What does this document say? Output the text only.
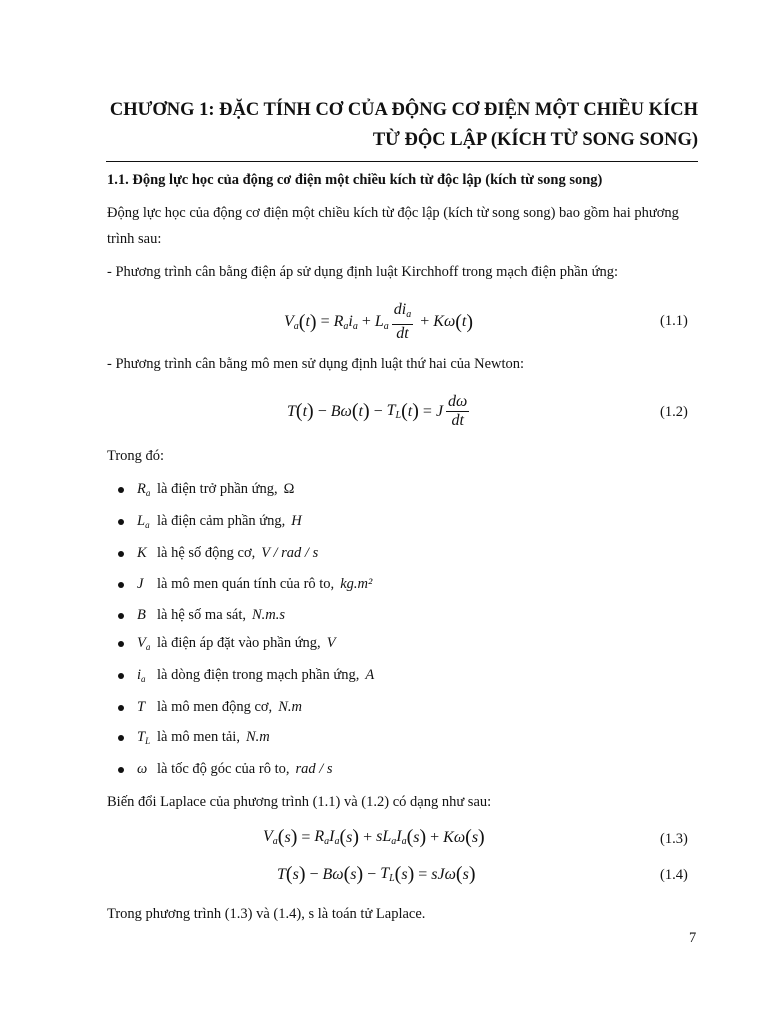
CHƯƠNG 1: ĐẶC TÍNH CƠ CỦA ĐỘNG CƠ ĐIỆN MỘT CHIỀU KÍCH
TỪ ĐỘC LẬP (KÍCH TỪ SONG SONG)
1.1. Động lực học của động cơ điện một chiều kích từ độc lập (kích từ song song)
Động lực học của động cơ điện một chiều kích từ độc lập (kích từ song song) bao gồm hai phương
trình sau:
- Phương trình cân bằng điện áp sử dụng định luật Kirchhoff trong mạch điện phần ứng:
$V_a$ ( t ) = $R_ai_a + L_a \frac{di_a}{dt} + K\omega$ ( t )	(1.1)
- Phương trình cân bằng mô men sử dụng định luật thứ hai của Newton:
T ( t ) − Bω ( t ) − $T_L$ ( t ) = J $\frac{d\omega}{dt}$	(1.2)
Trong đó:
$R_a$ là điện trở phần ứng, Ω
$L_a$ là điện cảm phần ứng, H
K là hệ số động cơ, V / rad / s
J là mô men quán tính của rô to, kg.m²
B là hệ số ma sát, N.m.s
$V_a$ là điện áp đặt vào phần ứng, V
$i_a$ là dòng điện trong mạch phần ứng, A
T là mô men động cơ, N.m
$T_L$ là mô men tải, N.m
ω là tốc độ góc của rô to, rad / s
Biến đổi Laplace của phương trình (1.1) và (1.2) có dạng như sau:
$V_a$ ( s ) = $R_aI_a$ ( s ) + $sL_aI_a$ ( s ) + Kω ( s )	(1.3)
T ( s ) − Bω ( s ) − $T_L$ ( s ) = sJω ( s )	(1.4)
Trong phương trình (1.3) và (1.4), s là toán tử Laplace.
7
